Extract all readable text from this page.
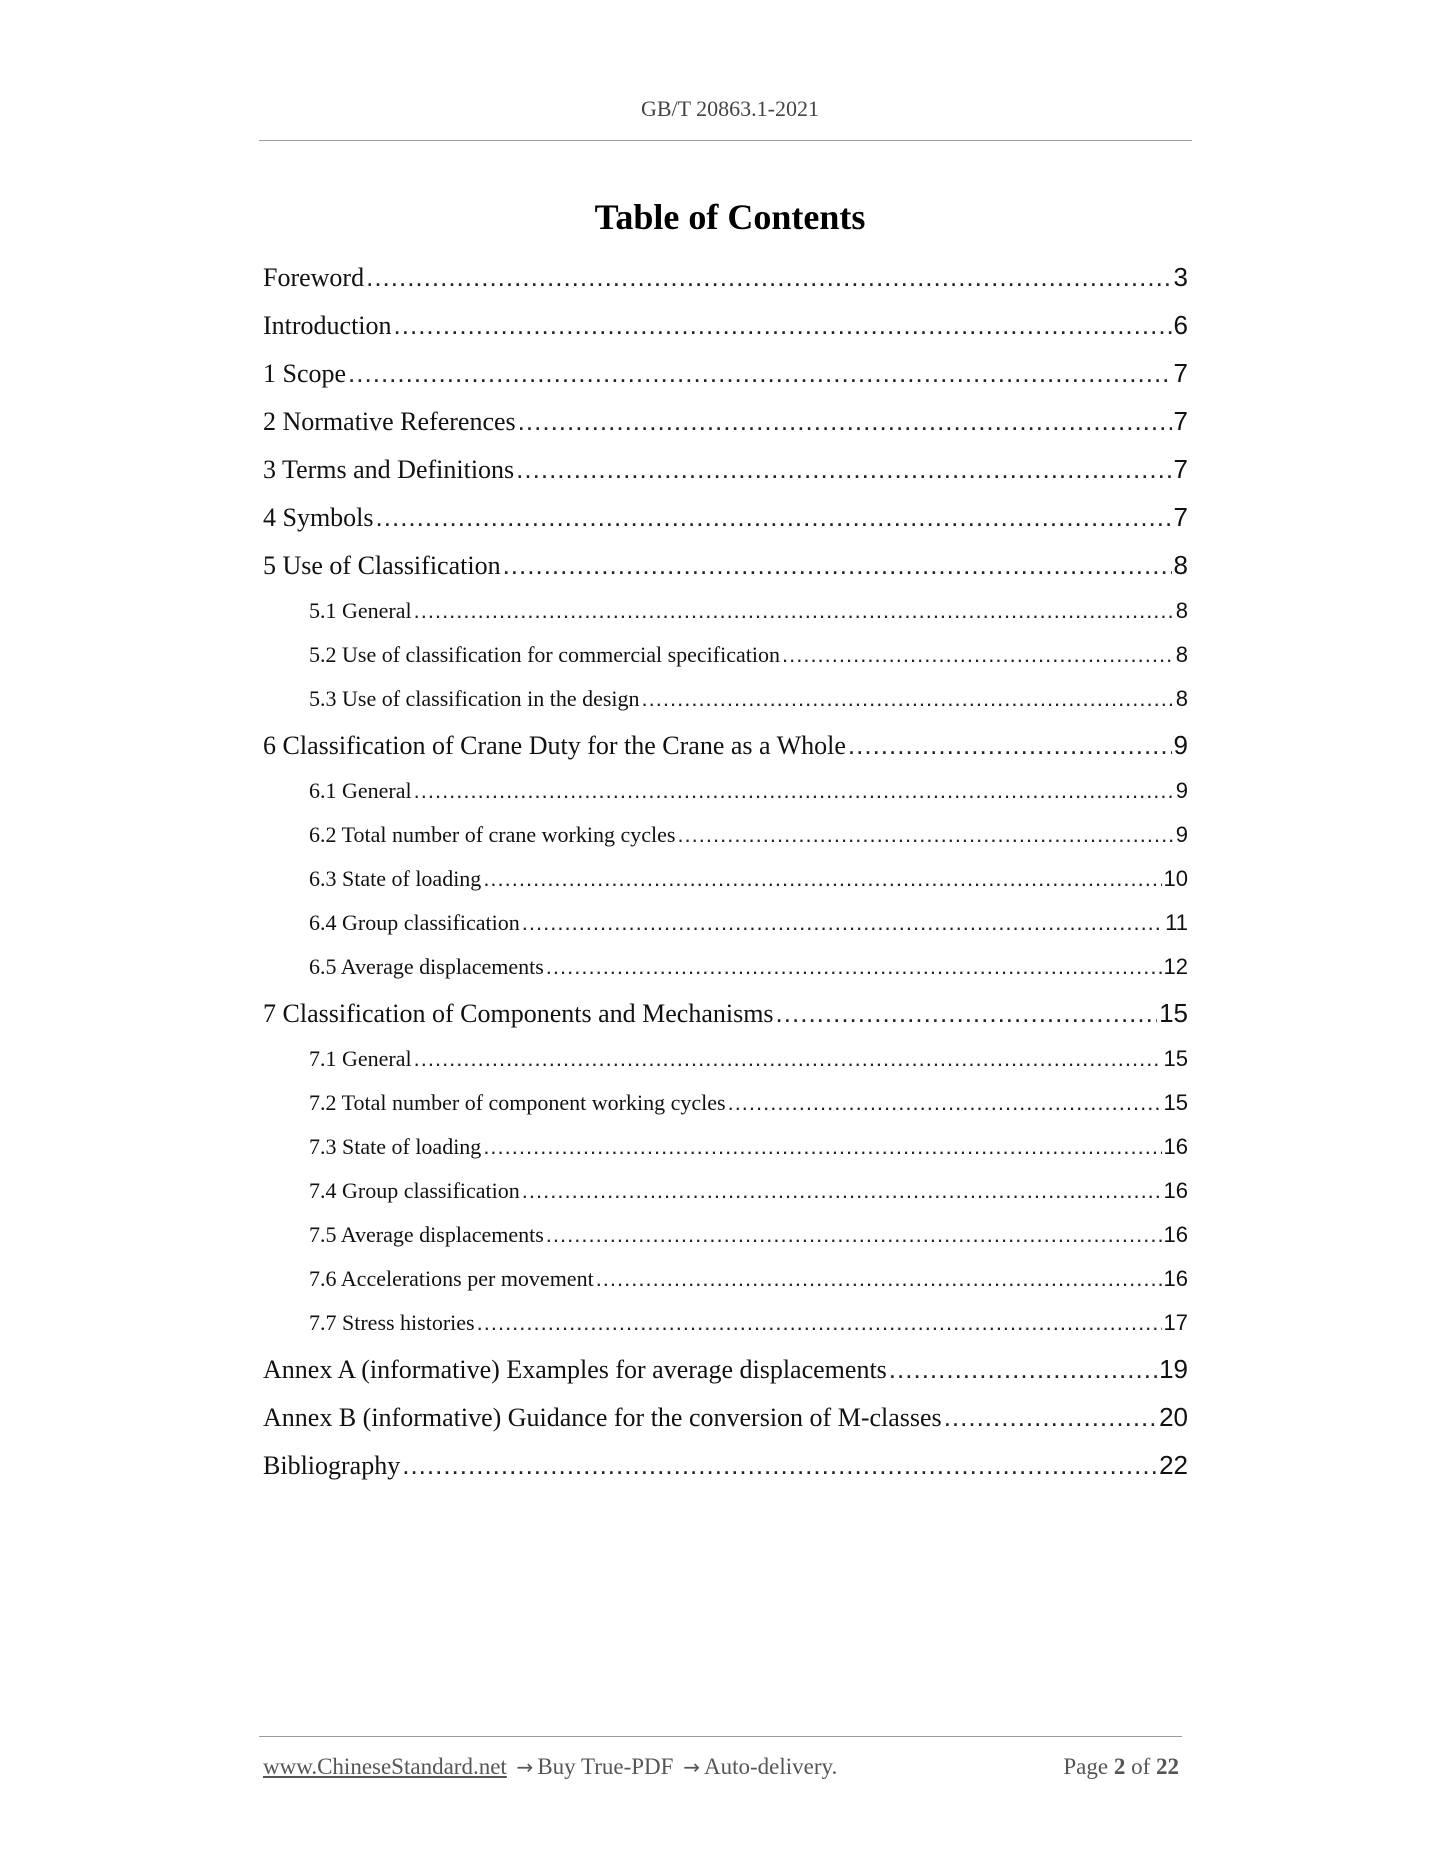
GB/T 20863.1-2021
Table of Contents
Foreword .....	3
Introduction .....	6
1 Scope .....	7
2 Normative References .....	7
3 Terms and Definitions .....	7
4 Symbols .....	7
5 Use of Classification .....	8
5.1 General .....	8
5.2 Use of classification for commercial specification .....	8
5.3 Use of classification in the design .....	8
6 Classification of Crane Duty for the Crane as a Whole .....	9
6.1 General .....	9
6.2 Total number of crane working cycles .....	9
6.3 State of loading .....	10
6.4 Group classification .....	11
6.5 Average displacements .....	12
7 Classification of Components and Mechanisms .....	15
7.1 General .....	15
7.2 Total number of component working cycles .....	15
7.3 State of loading .....	16
7.4 Group classification .....	16
7.5 Average displacements .....	16
7.6 Accelerations per movement .....	16
7.7 Stress histories .....	17
Annex A (informative) Examples for average displacements .....	19
Annex B (informative) Guidance for the conversion of M-classes .....	20
Bibliography .....	22
www.ChineseStandard.net → Buy True-PDF → Auto-delivery.	Page 2 of 22
